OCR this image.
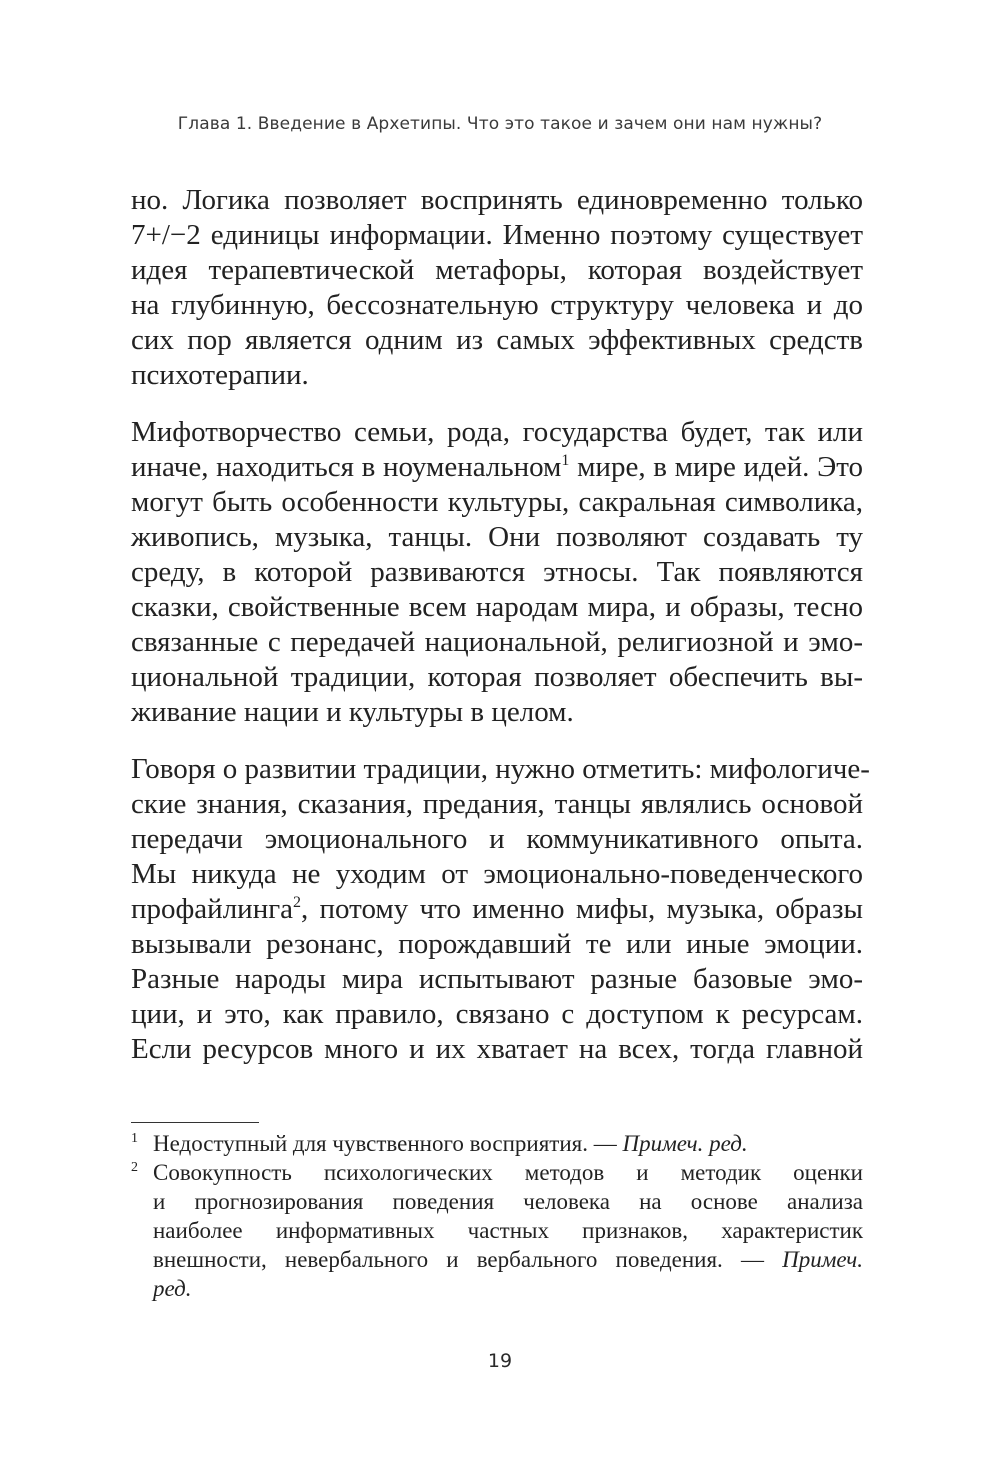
Глава 1. Введение в Архетипы. Что это такое и зачем они нам нужны?

но. Логика позволяет воспринять единовременно только
7+/−2 единицы информации. Именно поэтому существует
идея терапевтической метафоры, которая воздействует
на глубинную, бессознательную структуру человека и до
сих пор является одним из самых эффективных средств
психотерапии.

Мифотворчество семьи, рода, государства будет, так или
иначе, находиться в ноуменальном$^1$ мире, в мире идей. Это
могут быть особенности культуры, сакральная символика,
живопись, музыка, танцы. Они позволяют создавать ту
среду, в которой развиваются этносы. Так появляются
сказки, свойственные всем народам мира, и образы, тесно
связанные с передачей национальной, религиозной и эмо-
циональной традиции, которая позволяет обеспечить вы-
живание нации и культуры в целом.

Говоря о развитии традиции, нужно отметить: мифологиче-
ские знания, сказания, предания, танцы являлись основой
передачи эмоционального и коммуникативного опыта.
Мы никуда не уходим от эмоционально-поведенческого
профайлинга$^2$, потому что именно мифы, музыка, образы
вызывали резонанс, порождавший те или иные эмоции.
Разные народы мира испытывают разные базовые эмо-
ции, и это, как правило, связано с доступом к ресурсам.
Если ресурсов много и их хватает на всех, тогда главной

1 Недоступный для чувственного восприятия. — Примеч. ред.
2 Совокупность психологических методов и методик оценки
и прогнозирования поведения человека на основе анализа
наиболее информативных частных признаков, характеристик
внешности, невербального и вербального поведения. — Примеч.
ред.
19
